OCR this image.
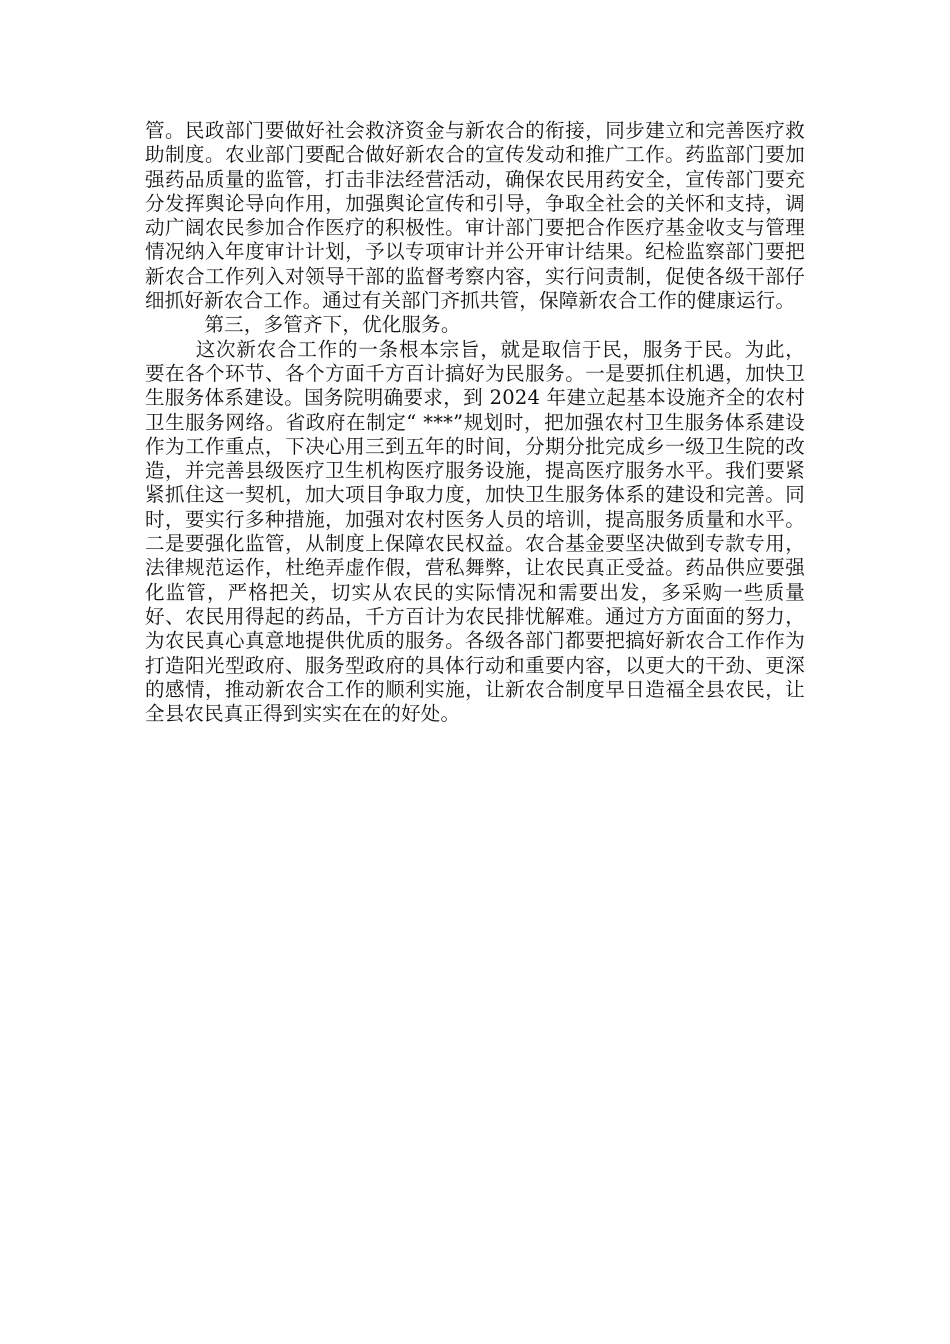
管。民政部门要做好社会救济资金与新农合的衔接，同步建立和完善医疗救助制度。农业部门要配合做好新农合的宣传发动和推广工作。药监部门要加强药品质量的监管，打击非法经营活动，确保农民用药安全，宣传部门要充分发挥舆论导向作用，加强舆论宣传和引导，争取全社会的关怀和支持，调动广阔农民参加合作医疗的积极性。审计部门要把合作医疗基金收支与管理情况纳入年度审计计划，予以专项审计并公开审计结果。纪检监察部门要把新农合工作列入对领导干部的监督考察内容，实行问责制，促使各级干部仔细抓好新农合工作。通过有关部门齐抓共管，保障新农合工作的健康运行。

第三，多管齐下，优化服务。

这次新农合工作的一条根本宗旨，就是取信于民，服务于民。为此，要在各个环节、各个方面千方百计搞好为民服务。一是要抓住机遇，加快卫生服务体系建设。国务院明确要求，到 2024 年建立起基本设施齐全的农村卫生服务网络。省政府在制定“ ***”规划时，把加强农村卫生服务体系建设作为工作重点，下决心用三到五年的时间，分期分批完成乡一级卫生院的改造，并完善县级医疗卫生机构医疗服务设施，提高医疗服务水平。我们要紧紧抓住这一契机，加大项目争取力度，加快卫生服务体系的建设和完善。同时，要实行多种措施，加强对农村医务人员的培训，提高服务质量和水平。二是要强化监管，从制度上保障农民权益。农合基金要坚决做到专款专用，法律规范运作，杜绝弄虚作假，营私舞弊，让农民真正受益。药品供应要强化监管，严格把关，切实从农民的实际情况和需要出发，多采购一些质量好、农民用得起的药品，千方百计为农民排忧解难。通过方方面面的努力，为农民真心真意地提供优质的服务。各级各部门都要把搞好新农合工作作为打造阳光型政府、服务型政府的具体行动和重要内容，以更大的干劲、更深的感情，推动新农合工作的顺利实施，让新农合制度早日造福全县农民，让全县农民真正得到实实在在的好处。
